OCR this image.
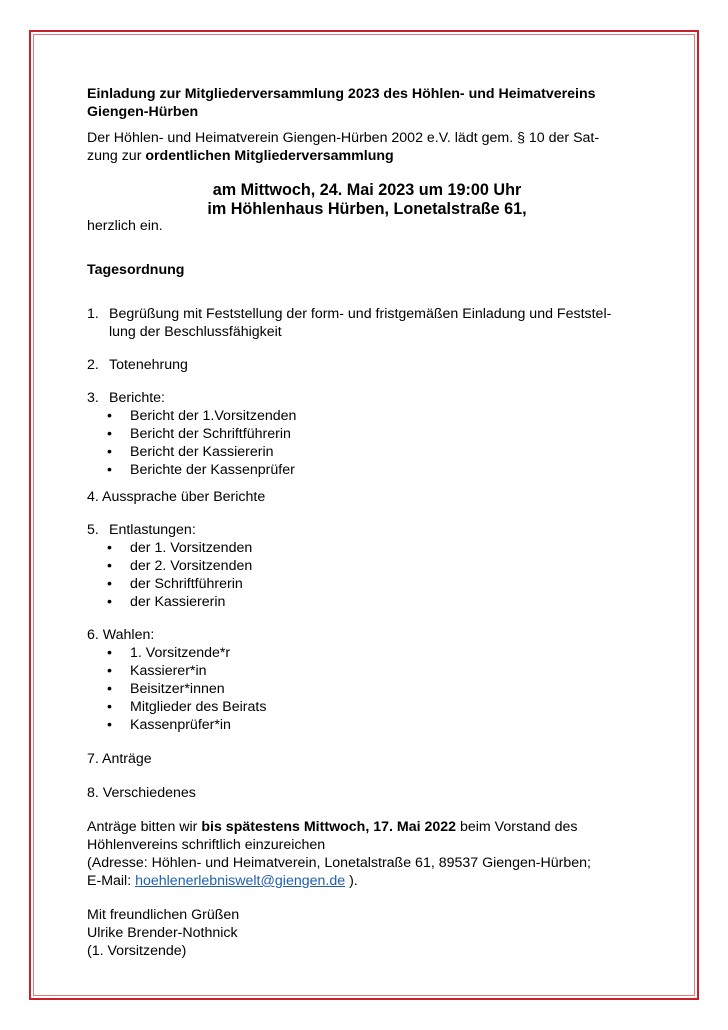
Einladung zur Mitgliederversammlung 2023 des Höhlen- und Heimatvereins
Giengen-Hürben
Der Höhlen- und Heimatverein Giengen-Hürben 2002 e.V. lädt gem. § 10 der Sat-
zung zur ordentlichen Mitgliederversammlung
am Mittwoch, 24. Mai 2023 um 19:00 Uhr
im Höhlenhaus Hürben, Lonetalstraße 61,
herzlich ein.
Tagesordnung
1. Begrüßung mit Feststellung der form- und fristgemäßen Einladung und Feststel-
lung der Beschlussfähigkeit
2. Totenehrung
3. Berichte:
• Bericht der 1.Vorsitzenden
• Bericht der Schriftführerin
• Bericht der Kassiererin
• Berichte der Kassenprüfer
4. Aussprache über Berichte
5. Entlastungen:
• der 1. Vorsitzenden
• der 2. Vorsitzenden
• der Schriftführerin
• der Kassiererin
6. Wahlen:
• 1. Vorsitzende*r
• Kassierer*in
• Beisitzer*innen
• Mitglieder des Beirats
• Kassenprüfer*in
7. Anträge
8. Verschiedenes
Anträge bitten wir bis spätestens Mittwoch, 17. Mai 2022 beim Vorstand des
Höhlenvereins schriftlich einzureichen
(Adresse: Höhlen- und Heimatverein, Lonetalstraße 61, 89537 Giengen-Hürben;
E-Mail: hoehlenerlebniswelt@giengen.de ).
Mit freundlichen Grüßen
Ulrike Brender-Nothnick
(1. Vorsitzende)
